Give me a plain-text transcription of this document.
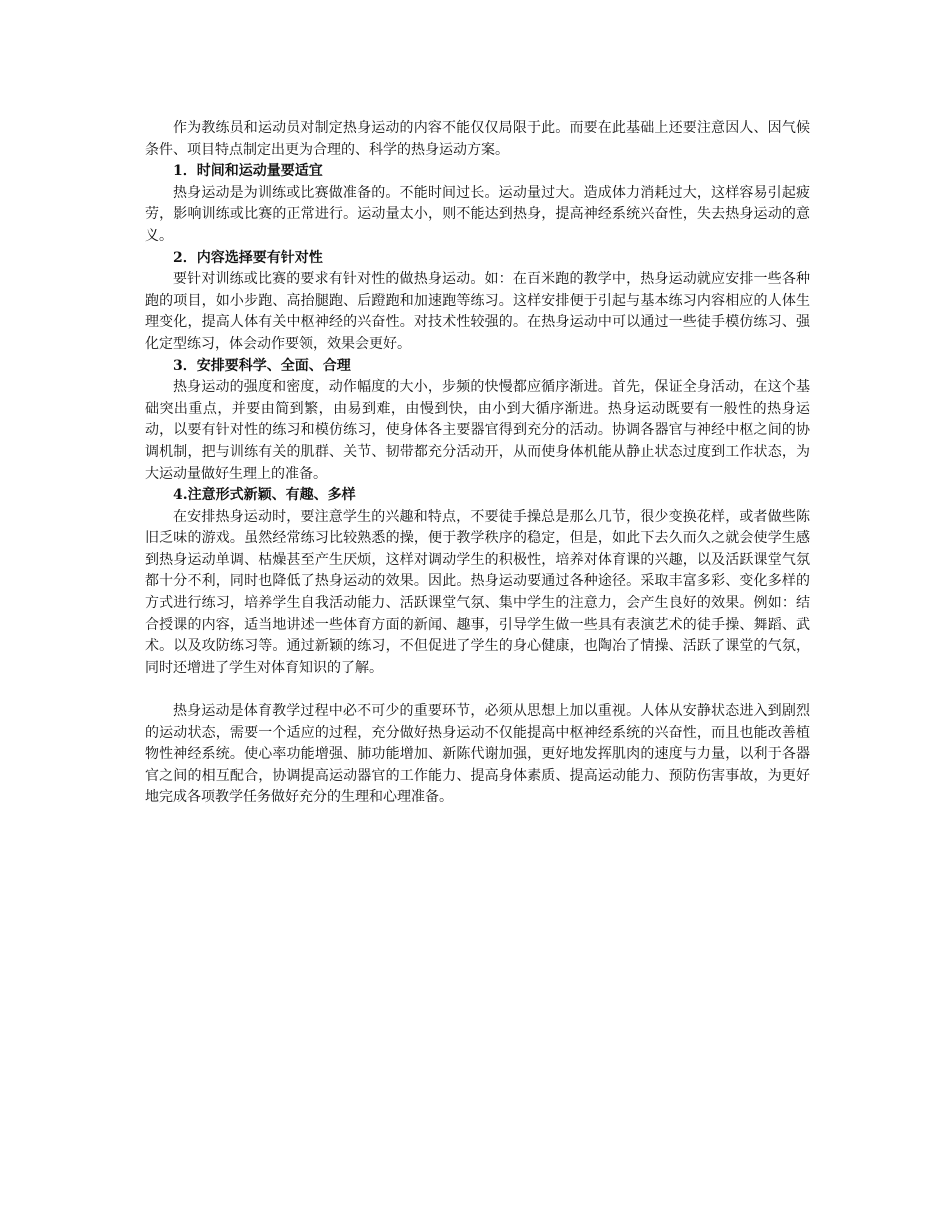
作为教练员和运动员对制定热身运动的内容不能仅仅局限于此。而要在此基础上还要注意因人、因气候条件、项目特点制定出更为合理的、科学的热身运动方案。

1．时间和运动量要适宜

热身运动是为训练或比赛做准备的。不能时间过长。运动量过大。造成体力消耗过大，这样容易引起疲劳，影响训练或比赛的正常进行。运动量太小，则不能达到热身，提高神经系统兴奋性，失去热身运动的意义。

2．内容选择要有针对性

要针对训练或比赛的要求有针对性的做热身运动。如：在百米跑的教学中，热身运动就应安排一些各种跑的项目，如小步跑、高抬腿跑、后蹬跑和加速跑等练习。这样安排便于引起与基本练习内容相应的人体生理变化，提高人体有关中枢神经的兴奋性。对技术性较强的。在热身运动中可以通过一些徒手模仿练习、强化定型练习，体会动作要领，效果会更好。

3．安排要科学、全面、合理

热身运动的强度和密度，动作幅度的大小，步频的快慢都应循序渐进。首先，保证全身活动，在这个基础突出重点，并要由简到繁，由易到难，由慢到快，由小到大循序渐进。热身运动既要有一般性的热身运动，以要有针对性的练习和模仿练习，使身体各主要器官得到充分的活动。协调各器官与神经中枢之间的协调机制，把与训练有关的肌群、关节、韧带都充分活动开，从而使身体机能从静止状态过度到工作状态，为大运动量做好生理上的准备。

4.注意形式新颖、有趣、多样

在安排热身运动时，要注意学生的兴趣和特点，不要徒手操总是那么几节，很少变换花样，或者做些陈旧乏味的游戏。虽然经常练习比较熟悉的操，便于教学秩序的稳定，但是，如此下去久而久之就会使学生感到热身运动单调、枯燥甚至产生厌烦，这样对调动学生的积极性，培养对体育课的兴趣，以及活跃课堂气氛都十分不利，同时也降低了热身运动的效果。因此。热身运动要通过各种途径。采取丰富多彩、变化多样的方式进行练习，培养学生自我活动能力、活跃课堂气氛、集中学生的注意力，会产生良好的效果。例如：结合授课的内容，适当地讲述一些体育方面的新闻、趣事，引导学生做一些具有表演艺术的徒手操、舞蹈、武术。以及攻防练习等。通过新颖的练习，不但促进了学生的身心健康，也陶冶了情操、活跃了课堂的气氛，同时还增进了学生对体育知识的了解。

热身运动是体育教学过程中必不可少的重要环节，必须从思想上加以重视。人体从安静状态进入到剧烈的运动状态，需要一个适应的过程，充分做好热身运动不仅能提高中枢神经系统的兴奋性，而且也能改善植物性神经系统。使心率功能增强、肺功能增加、新陈代谢加强，更好地发挥肌肉的速度与力量，以利于各器官之间的相互配合，协调提高运动器官的工作能力、提高身体素质、提高运动能力、预防伤害事故，为更好地完成各项教学任务做好充分的生理和心理准备。
